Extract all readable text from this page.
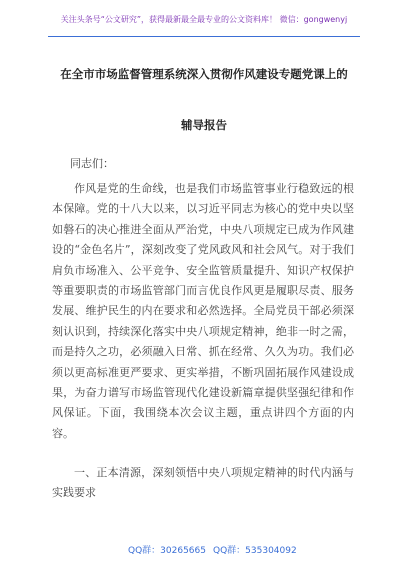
关注头条号“公文研究”，获得最新最全最专业的公文资料库！ 微信：gongwenyj
在全市市场监督管理系统深入贯彻作风建设专题党课上的
辅导报告
同志们：

作风是党的生命线，也是我们市场监管事业行稳致远的根本保障。党的十八大以来，以习近平同志为核心的党中央以坚如磐石的决心推进全面从严治党，中央八项规定已成为作风建设的“金色名片”，深刻改变了党风政风和社会风气。对于我们肩负市场准入、公平竞争、安全监管质量提升、知识产权保护等重要职责的市场监管部门而言优良作风更是履职尽责、服务发展、维护民生的内在要求和必然选择。全局党员干部必须深刻认识到，持续深化落实中央八项规定精神，绝非一时之需，而是持久之功，必须融入日常、抓在经常、久久为功。我们必须以更高标准更严要求、更实举措，不断巩固拓展作风建设成果，为奋力谱写市场监管现代化建设新篇章提供坚强纪律和作风保证。下面，我围绕本次会议主题，重点讲四个方面的内容。

一、正本清源，深刻领悟中央八项规定精神的时代内涵与实践要求

QQ群：30265665 QQ群：535304092
